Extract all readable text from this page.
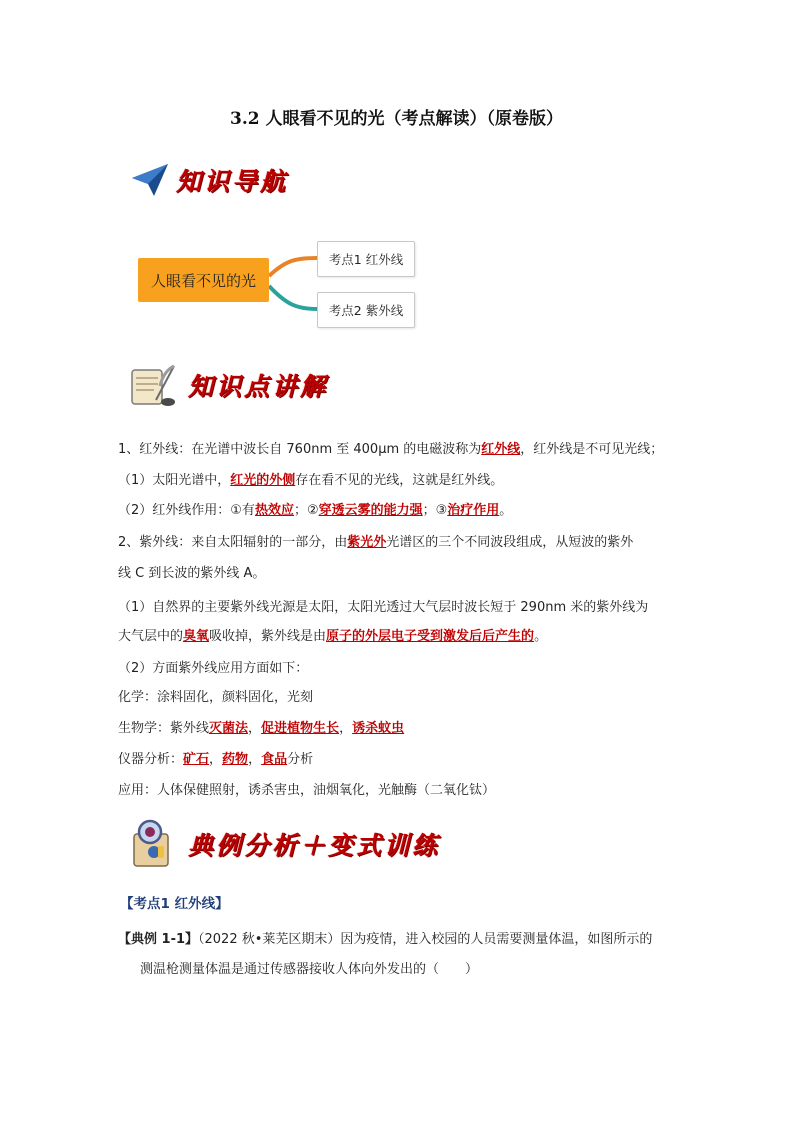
3.2 人眼看不见的光（考点解读）（原卷版）
知识导航
人眼看不见的光
考点1 红外线
考点2 紫外线
知识点讲解
1、红外线：在光谱中波长自 760nm 至 400μm 的电磁波称为红外线，红外线是不可见光线；
（1）太阳光谱中，红光的外侧存在看不见的光线，这就是红外线。
（2）红外线作用：①有热效应；②穿透云雾的能力强；③治疗作用。
2、紫外线：来自太阳辐射的一部分，由紫光外光谱区的三个不同波段组成，从短波的紫外
线 C 到长波的紫外线 A。
（1）自然界的主要紫外线光源是太阳，太阳光透过大气层时波长短于 290nm 米的紫外线为
大气层中的臭氧吸收掉，紫外线是由原子的外层电子受到激发后后产生的。
（2）方面紫外线应用方面如下：
化学：涂料固化，颜料固化，光刻
生物学：紫外线灭菌法，促进植物生长，诱杀蚊虫
仪器分析：矿石，药物，食品分析
应用：人体保健照射，诱杀害虫，油烟氧化，光触酶（二氧化钛）
典例分析＋变式训练
【考点1 红外线】
【典例 1-1】（2022 秋•莱芜区期末）因为疫情，进入校园的人员需要测量体温，如图所示的
测温枪测量体温是通过传感器接收人体向外发出的（　　）
